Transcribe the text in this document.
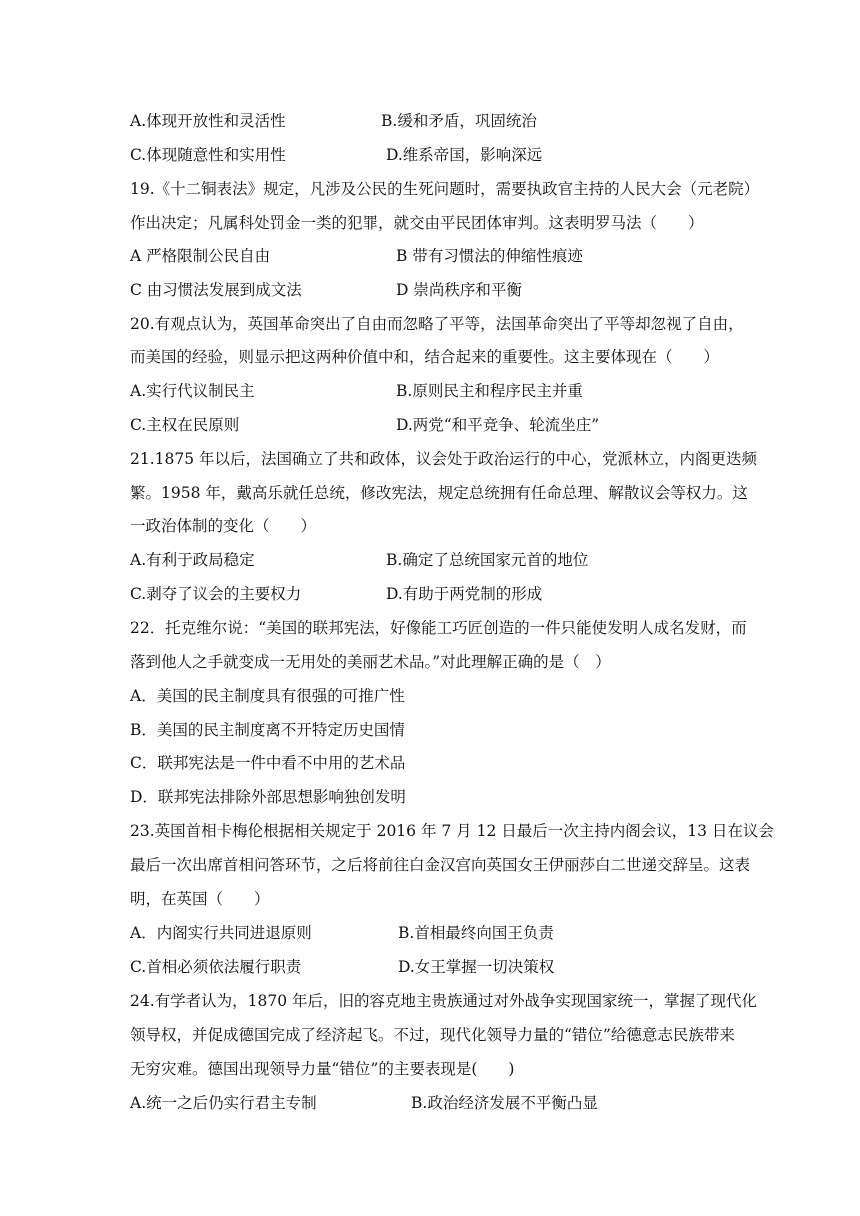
A.体现开放性和灵活性	B.缓和矛盾，巩固统治
C.体现随意性和实用性	D.维系帝国，影响深远
19.《十二铜表法》规定，凡涉及公民的生死问题时，需要执政官主持的人民大会（元老院）
作出决定；凡属科处罚金一类的犯罪，就交由平民团体审判。这表明罗马法（　　）
A 严格限制公民自由	B 带有习惯法的伸缩性痕迹
C 由习惯法发展到成文法	D 崇尚秩序和平衡
20.有观点认为，英国革命突出了自由而忽略了平等，法国革命突出了平等却忽视了自由，
而美国的经验，则显示把这两种价值中和，结合起来的重要性。这主要体现在（　　）
A.实行代议制民主	B.原则民主和程序民主并重
C.主权在民原则	D.两党“和平竞争、轮流坐庄”
21.1875 年以后，法国确立了共和政体，议会处于政治运行的中心，党派林立，内阁更迭频
繁。1958 年，戴高乐就任总统，修改宪法，规定总统拥有任命总理、解散议会等权力。这
一政治体制的变化（　　）
A.有利于政局稳定	B.确定了总统国家元首的地位
C.剥夺了议会的主要权力	D.有助于两党制的形成
22．托克维尔说：“美国的联邦宪法，好像能工巧匠创造的一件只能使发明人成名发财，而
落到他人之手就变成一无用处的美丽艺术品。”对此理解正确的是（　）
A．美国的民主制度具有很强的可推广性
B．美国的民主制度离不开特定历史国情
C．联邦宪法是一件中看不中用的艺术品
D．联邦宪法排除外部思想影响独创发明
23.英国首相卡梅伦根据相关规定于 2016 年 7 月 12 日最后一次主持内阁会议，13 日在议会
最后一次出席首相问答环节，之后将前往白金汉宫向英国女王伊丽莎白二世递交辞呈。这表
明，在英国（　　）
A．内阁实行共同进退原则	B.首相最终向国王负责
C.首相必须依法履行职责	D.女王掌握一切决策权
24.有学者认为，1870 年后，旧的容克地主贵族通过对外战争实现国家统一，掌握了现代化
领导权，并促成德国完成了经济起飞。不过，现代化领导力量的“错位”给德意志民族带来
无穷灾难。德国出现领导力量“错位”的主要表现是(　　)
A.统一之后仍实行君主专制	B.政治经济发展不平衡凸显
